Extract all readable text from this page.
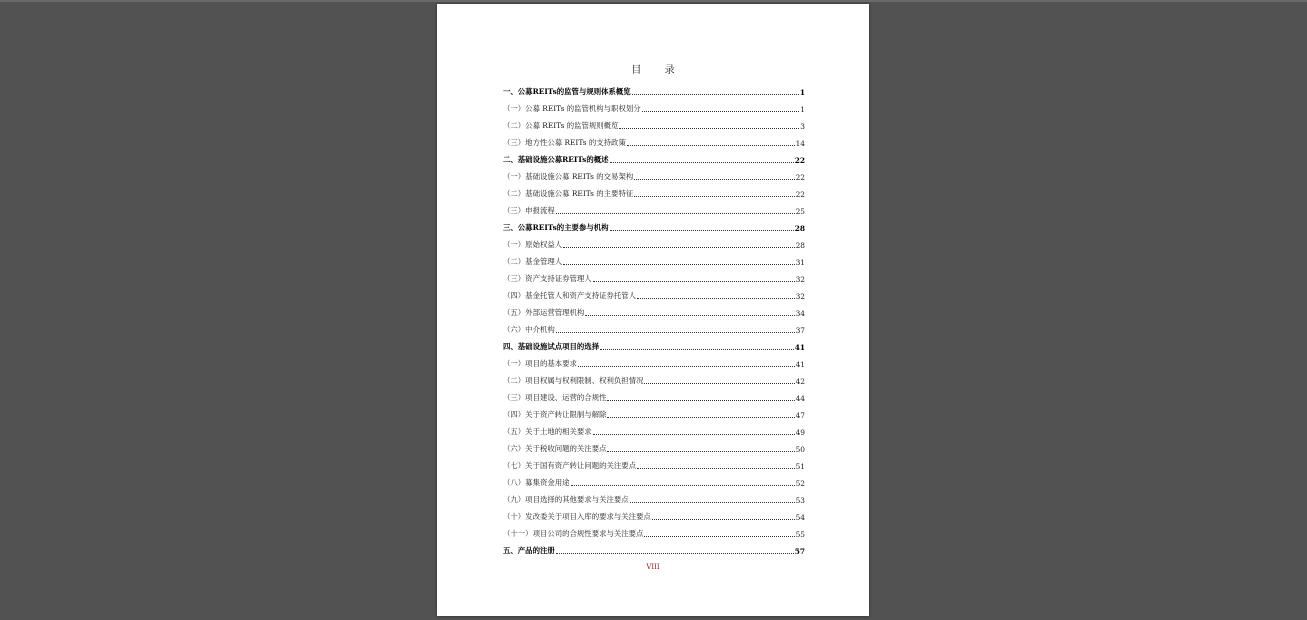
目 录
一、公募REITs的监管与规则体系概览	1
（一）公募 REITs 的监管机构与职权划分	1
（二）公募 REITs 的监管规则概览	3
（三）地方性公募 REITs 的支持政策	14
二、基础设施公募REITs的概述	22
（一）基础设施公募 REITs 的交易架构	22
（二）基础设施公募 REITs 的主要特征	22
（三）申报流程	25
三、公募REITs的主要参与机构	28
（一）原始权益人	28
（二）基金管理人	31
（三）资产支持证券管理人	32
（四）基金托管人和资产支持证券托管人	32
（五）外部运营管理机构	34
（六）中介机构	37
四、基础设施试点项目的选择	41
（一）项目的基本要求	41
（二）项目权属与权利限制、权利负担情况	42
（三）项目建设、运营的合规性	44
（四）关于资产转让限制与解除	47
（五）关于土地的相关要求	49
（六）关于税收问题的关注要点	50
（七）关于国有资产转让问题的关注要点	51
（八）募集资金用途	52
（九）项目选择的其他要求与关注要点	53
（十）发改委关于项目入库的要求与关注要点	54
（十一）项目公司的合规性要求与关注要点	55
五、产品的注册	57
VIII
